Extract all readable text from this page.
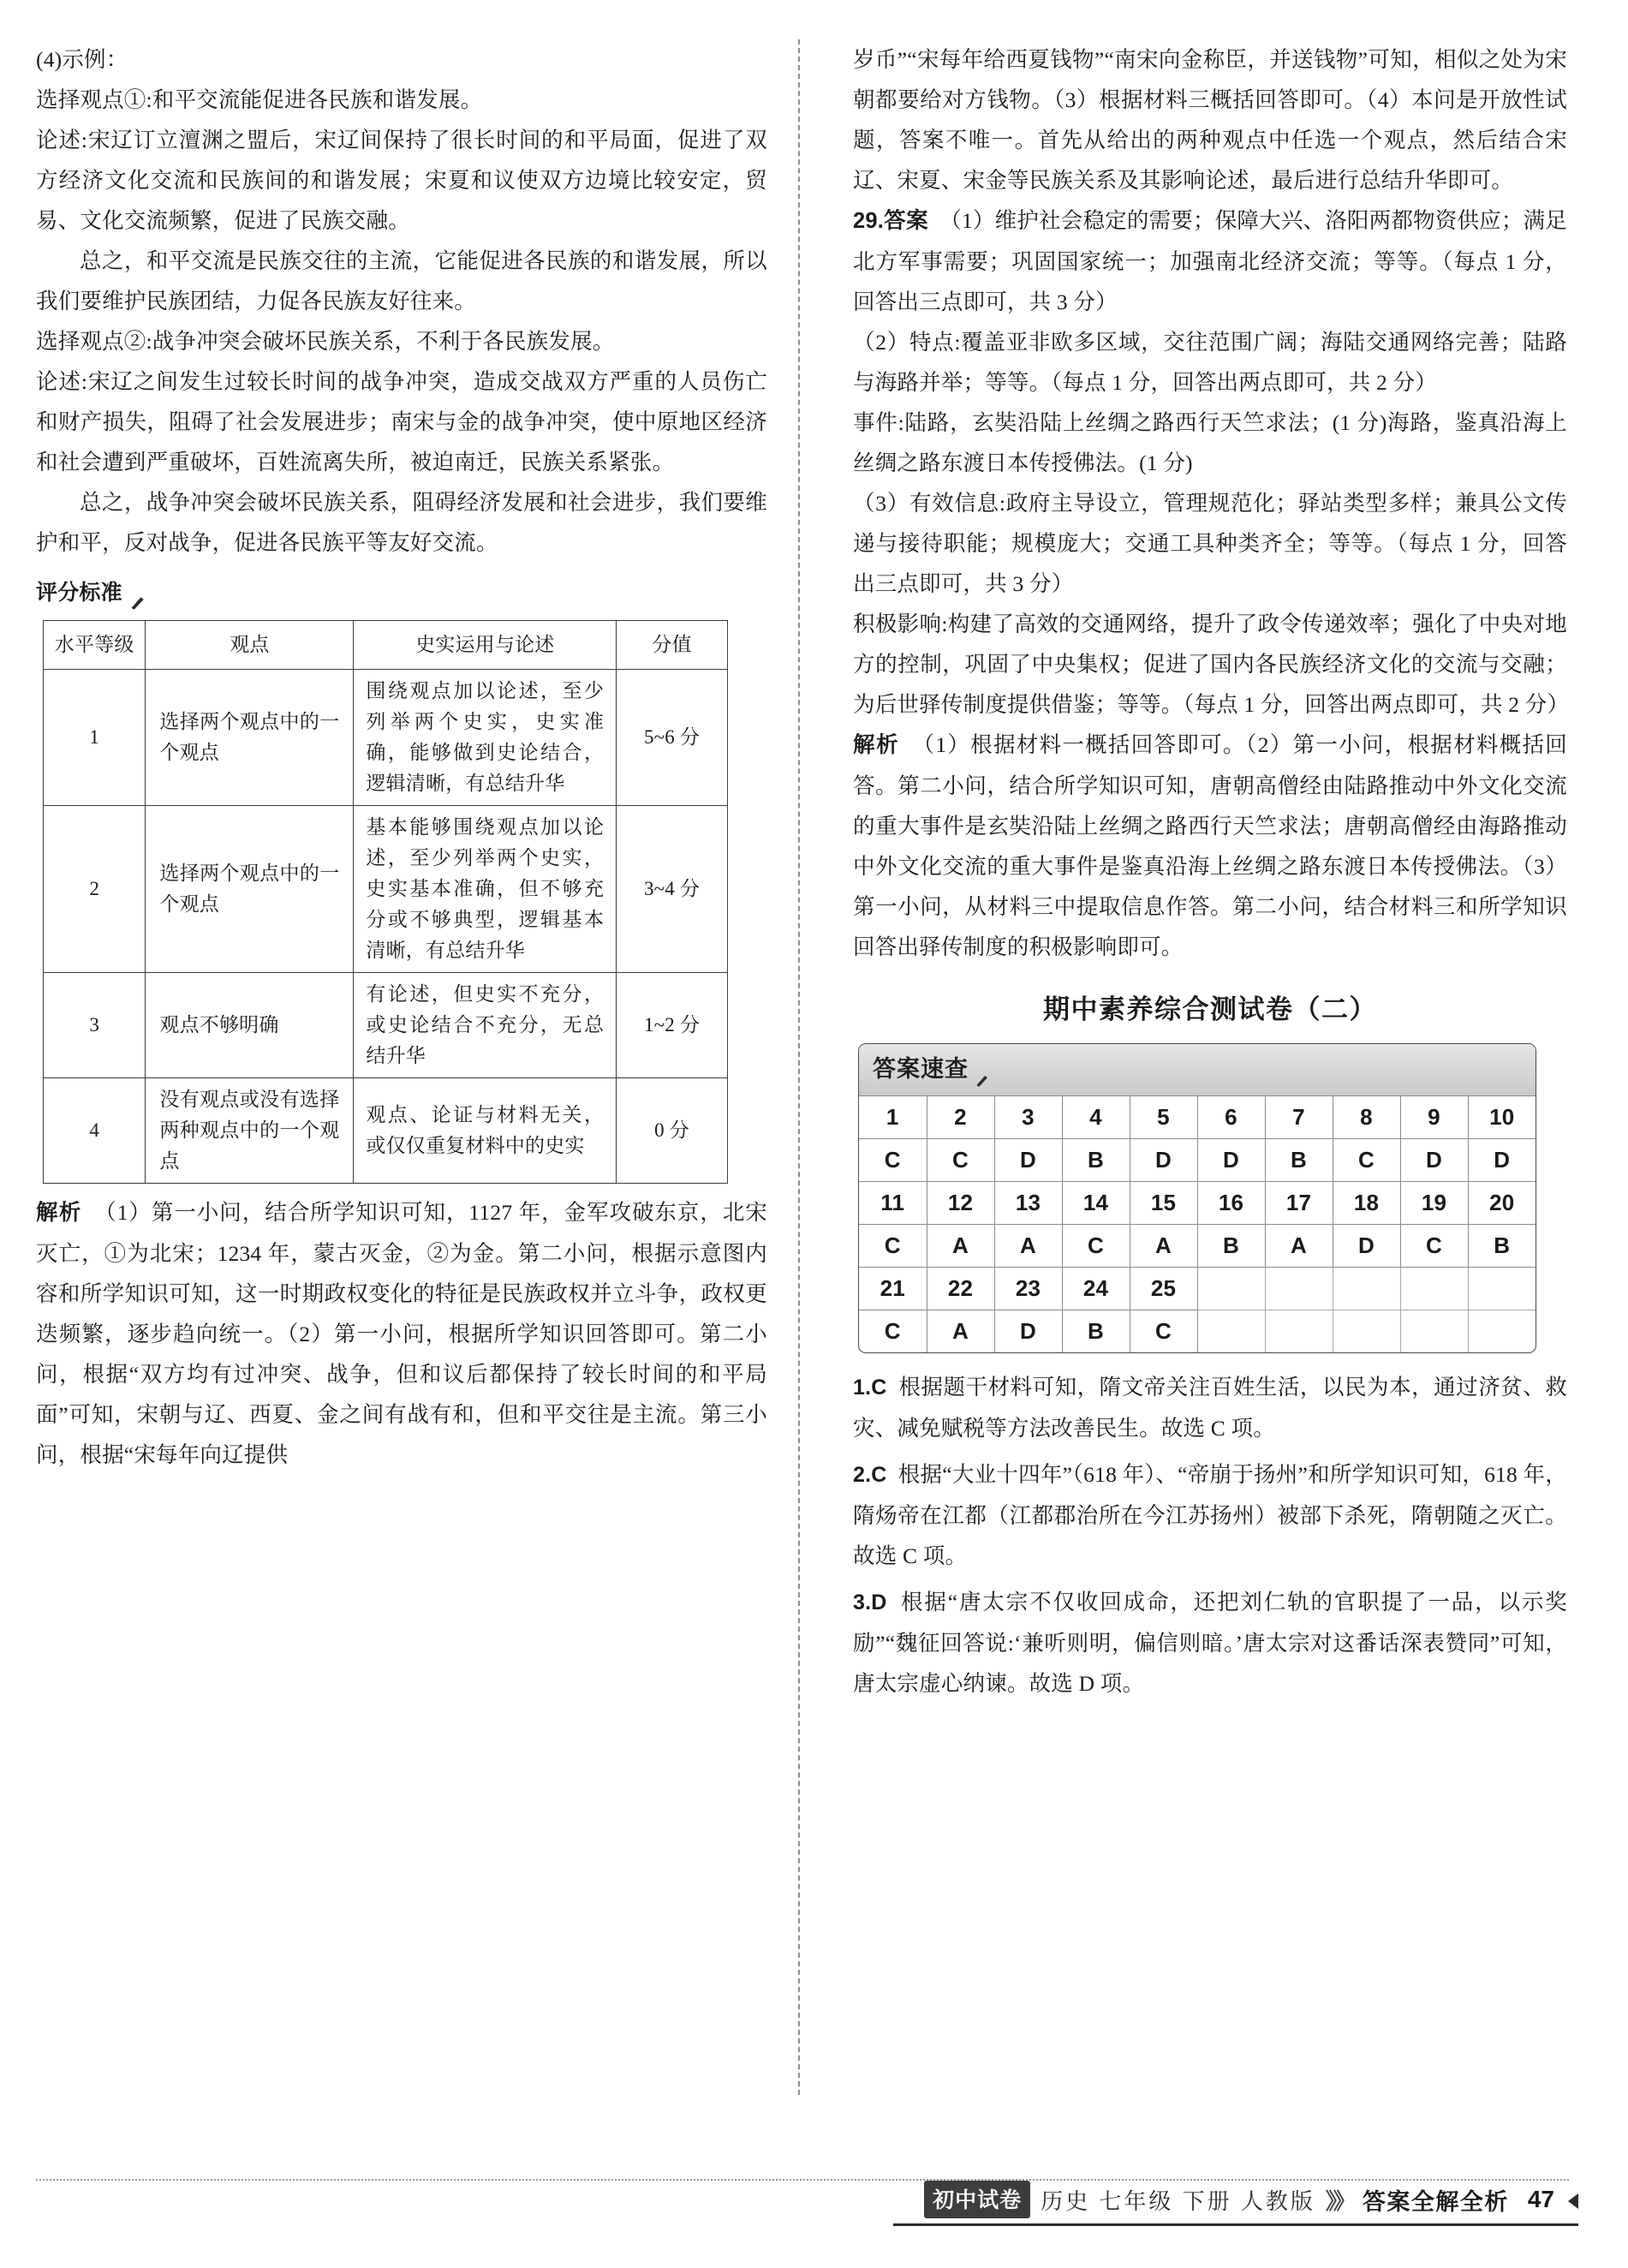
(4)示例：

选择观点①:和平交流能促进各民族和谐发展。

论述:宋辽订立澶渊之盟后，宋辽间保持了很长时间的和平局面，促进了双方经济文化交流和民族间的和谐发展；宋夏和议使双方边境比较安定，贸易、文化交流频繁，促进了民族交融。

总之，和平交流是民族交往的主流，它能促进各民族的和谐发展，所以我们要维护民族团结，力促各民族友好往来。

选择观点②:战争冲突会破坏民族关系，不利于各民族发展。

论述:宋辽之间发生过较长时间的战争冲突，造成交战双方严重的人员伤亡和财产损失，阻碍了社会发展进步；南宋与金的战争冲突，使中原地区经济和社会遭到严重破坏，百姓流离失所，被迫南迁，民族关系紧张。

总之，战争冲突会破坏民族关系，阻碍经济发展和社会进步，我们要维护和平，反对战争，促进各民族平等友好交流。

评分标准
水平等级	观点	史实运用与论述	分值
1	选择两个观点中的一个观点	围绕观点加以论述，至少列举两个史实，史实准确，能够做到史论结合，逻辑清晰，有总结升华	5~6 分
2	选择两个观点中的一个观点	基本能够围绕观点加以论述，至少列举两个史实，史实基本准确，但不够充分或不够典型，逻辑基本清晰，有总结升华	3~4 分
3	观点不够明确	有论述，但史实不充分，或史论结合不充分，无总结升华	1~2 分
4	没有观点或没有选择两种观点中的一个观点	观点、论证与材料无关，或仅仅重复材料中的史实	0 分

解析 （1）第一小问，结合所学知识可知，1127 年，金军攻破东京，北宋灭亡，①为北宋；1234 年，蒙古灭金，②为金。第二小问，根据示意图内容和所学知识可知，这一时期政权变化的特征是民族政权并立斗争，政权更迭频繁，逐步趋向统一。（2）第一小问，根据所学知识回答即可。第二小问，根据“双方均有过冲突、战争，但和议后都保持了较长时间的和平局面”可知，宋朝与辽、西夏、金之间有战有和，但和平交往是主流。第三小问，根据“宋每年向辽提供

岁币”“宋每年给西夏钱物”“南宋向金称臣，并送钱物”可知，相似之处为宋朝都要给对方钱物。（3）根据材料三概括回答即可。（4）本问是开放性试题，答案不唯一。首先从给出的两种观点中任选一个观点，然后结合宋辽、宋夏、宋金等民族关系及其影响论述，最后进行总结升华即可。

29.答案 （1）维护社会稳定的需要；保障大兴、洛阳两都物资供应；满足北方军事需要；巩固国家统一；加强南北经济交流；等等。（每点 1 分，回答出三点即可，共 3 分）

（2）特点:覆盖亚非欧多区域，交往范围广阔；海陆交通网络完善；陆路与海路并举；等等。（每点 1 分，回答出两点即可，共 2 分）

事件:陆路，玄奘沿陆上丝绸之路西行天竺求法；(1 分)海路，鉴真沿海上丝绸之路东渡日本传授佛法。(1 分)

（3）有效信息:政府主导设立，管理规范化；驿站类型多样；兼具公文传递与接待职能；规模庞大；交通工具种类齐全；等等。（每点 1 分，回答出三点即可，共 3 分）

积极影响:构建了高效的交通网络，提升了政令传递效率；强化了中央对地方的控制，巩固了中央集权；促进了国内各民族经济文化的交流与交融；为后世驿传制度提供借鉴；等等。（每点 1 分，回答出两点即可，共 2 分）

解析 （1）根据材料一概括回答即可。（2）第一小问，根据材料概括回答。第二小问，结合所学知识可知，唐朝高僧经由陆路推动中外文化交流的重大事件是玄奘沿陆上丝绸之路西行天竺求法；唐朝高僧经由海路推动中外文化交流的重大事件是鉴真沿海上丝绸之路东渡日本传授佛法。（3）第一小问，从材料三中提取信息作答。第二小问，结合材料三和所学知识回答出驿传制度的积极影响即可。

期中素养综合测试卷（二）
答案速查
1	2	3	4	5	6	7	8	9	10
C	C	D	B	D	D	B	C	D	D
11	12	13	14	15	16	17	18	19	20
C	A	A	C	A	B	A	D	C	B
21	22	23	24	25					
C	A	D	B	C					

1.C 根据题干材料可知，隋文帝关注百姓生活，以民为本，通过济贫、救灾、减免赋税等方法改善民生。故选 C 项。

2.C 根据“大业十四年”（618 年）、“帝崩于扬州”和所学知识可知，618 年，隋炀帝在江都（江都郡治所在今江苏扬州）被部下杀死，隋朝随之灭亡。故选 C 项。

3.D 根据“唐太宗不仅收回成命，还把刘仁轨的官职提了一品，以示奖励”“魏征回答说:‘兼听则明，偏信则暗。’唐太宗对这番话深表赞同”可知，唐太宗虚心纳谏。故选 D 项。

初中试卷 历史 七年级 下册 人教版 》》 答案全解全析 47
